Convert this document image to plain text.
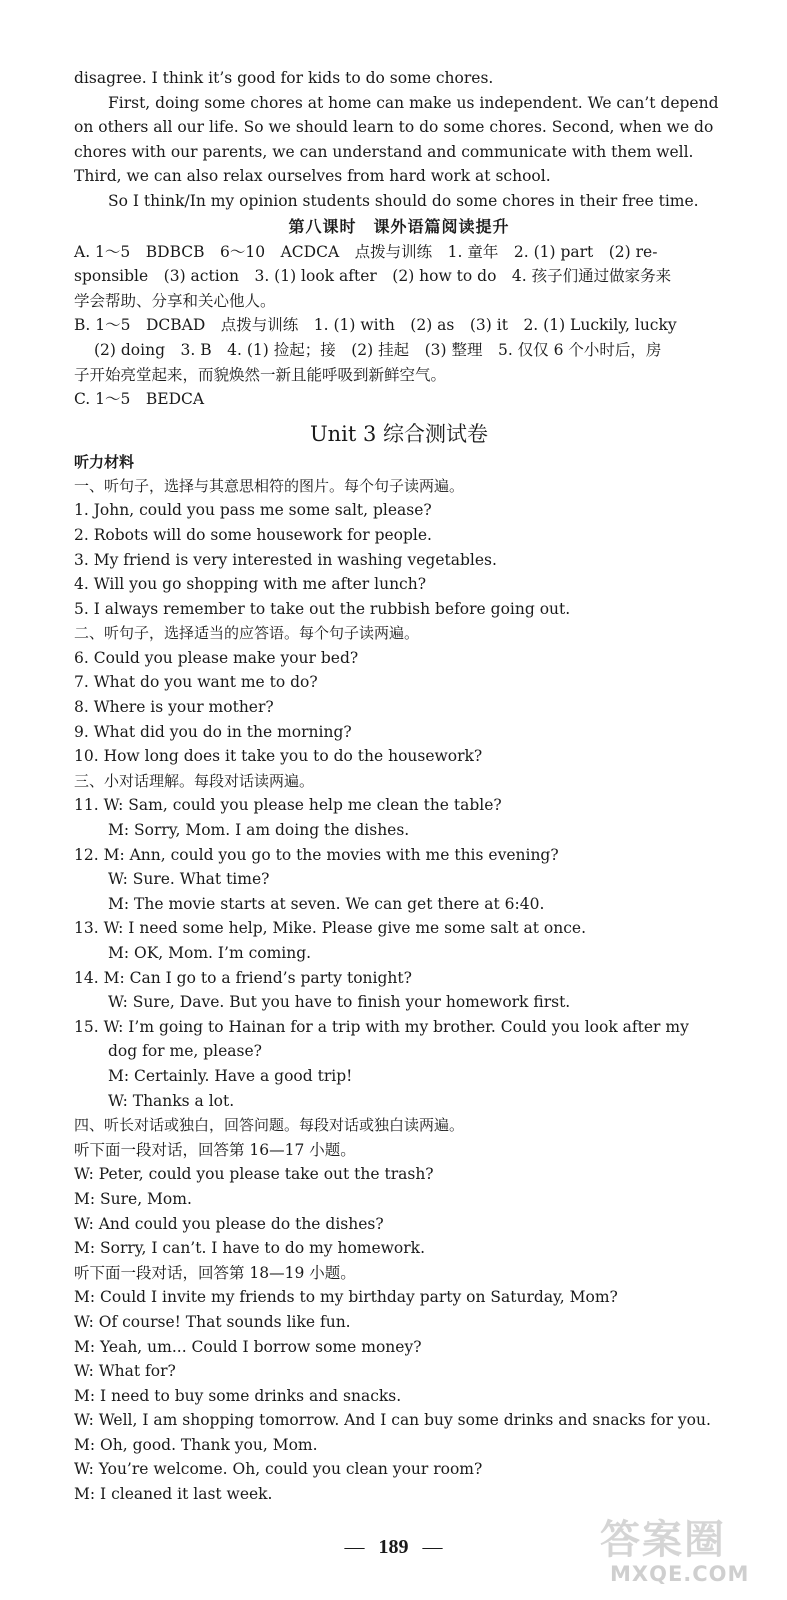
disagree. I think it’s good for kids to do some chores.
First, doing some chores at home can make us independent. We can’t depend
on others all our life. So we should learn to do some chores. Second, when we do
chores with our parents, we can understand and communicate with them well.
Third, we can also relax ourselves from hard work at school.
So I think/In my opinion students should do some chores in their free time.
第八课时　课外语篇阅读提升
A. 1～5　BDBCB　6～10　ACDCA　点拨与训练　1. 童年　2. (1) part　(2) re-
sponsible　(3) action　3. (1) look after　(2) how to do　4. 孩子们通过做家务来
学会帮助、分享和关心他人。
B. 1～5　DCBAD　点拨与训练　1. (1) with　(2) as　(3) it　2. (1) Luckily, lucky
(2) doing　3. B　4. (1) 捡起；接　(2) 挂起　(3) 整理　5. 仅仅 6 个小时后，房
子开始亮堂起来，而貌焕然一新且能呼吸到新鲜空气。
C. 1～5　BEDCA
Unit 3 综合测试卷
听力材料
一、听句子，选择与其意思相符的图片。每个句子读两遍。
1. John, could you pass me some salt, please?
2. Robots will do some housework for people.
3. My friend is very interested in washing vegetables.
4. Will you go shopping with me after lunch?
5. I always remember to take out the rubbish before going out.
二、听句子，选择适当的应答语。每个句子读两遍。
6. Could you please make your bed?
7. What do you want me to do?
8. Where is your mother?
9. What did you do in the morning?
10. How long does it take you to do the housework?
三、小对话理解。每段对话读两遍。
11. W: Sam, could you please help me clean the table?
M: Sorry, Mom. I am doing the dishes.
12. M: Ann, could you go to the movies with me this evening?
W: Sure. What time?
M: The movie starts at seven. We can get there at 6:40.
13. W: I need some help, Mike. Please give me some salt at once.
M: OK, Mom. I’m coming.
14. M: Can I go to a friend’s party tonight?
W: Sure, Dave. But you have to finish your homework first.
15. W: I’m going to Hainan for a trip with my brother. Could you look after my
dog for me, please?
M: Certainly. Have a good trip!
W: Thanks a lot.
四、听长对话或独白，回答问题。每段对话或独白读两遍。
听下面一段对话，回答第 16—17 小题。
W: Peter, could you please take out the trash?
M: Sure, Mom.
W: And could you please do the dishes?
M: Sorry, I can’t. I have to do my homework.
听下面一段对话，回答第 18—19 小题。
M: Could I invite my friends to my birthday party on Saturday, Mom?
W: Of course! That sounds like fun.
M: Yeah, um... Could I borrow some money?
W: What for?
M: I need to buy some drinks and snacks.
W: Well, I am shopping tomorrow. And I can buy some drinks and snacks for you.
M: Oh, good. Thank you, Mom.
W: You’re welcome. Oh, could you clean your room?
M: I cleaned it last week.
— 189 —	答案圈
MXQE.COM
